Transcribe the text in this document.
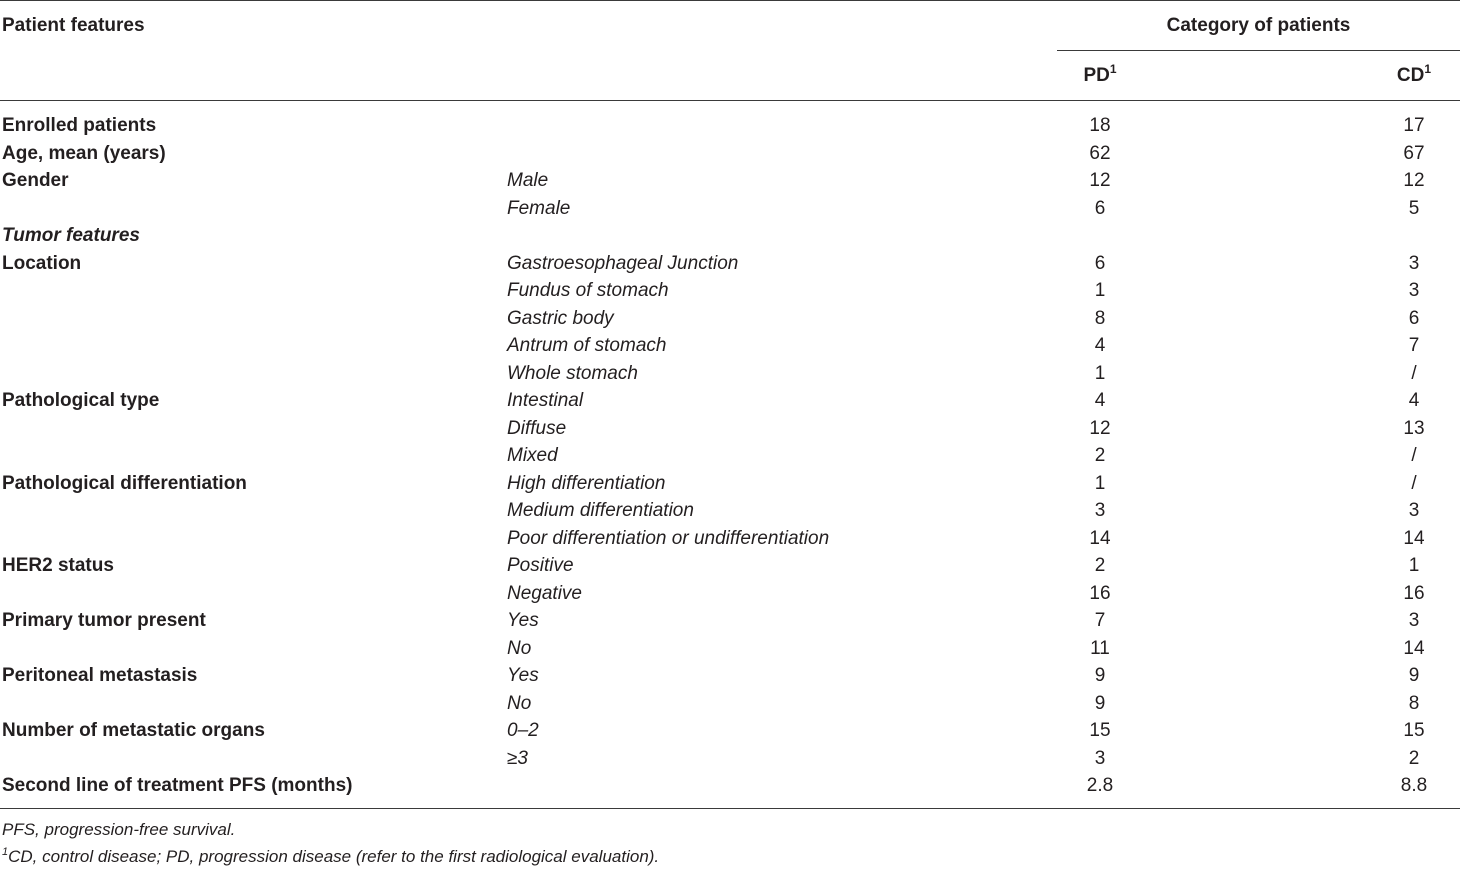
Patient features	Category of patients
$PD^1$	$CD^1$
Enrolled patients	18	17
Age, mean (years)	62	67
Gender	Male	12	12
Female	6	5
Tumor features
Location	Gastroesophageal Junction	6	3
Fundus of stomach	1	3
Gastric body	8	6
Antrum of stomach	4	7
Whole stomach	1	/
Pathological type	Intestinal	4	4
Diffuse	12	13
Mixed	2	/
Pathological differentiation	High differentiation	1	/
Medium differentiation	3	3
Poor differentiation or undifferentiation	14	14
HER2 status	Positive	2	1
Negative	16	16
Primary tumor present	Yes	7	3
No	11	14
Peritoneal metastasis	Yes	9	9
No	9	8
Number of metastatic organs	0–2	15	15
≥3	3	2
Second line of treatment PFS (months)	2.8	8.8
PFS, progression-free survival.
$^1$CD, control disease; PD, progression disease (refer to the first radiological evaluation).
